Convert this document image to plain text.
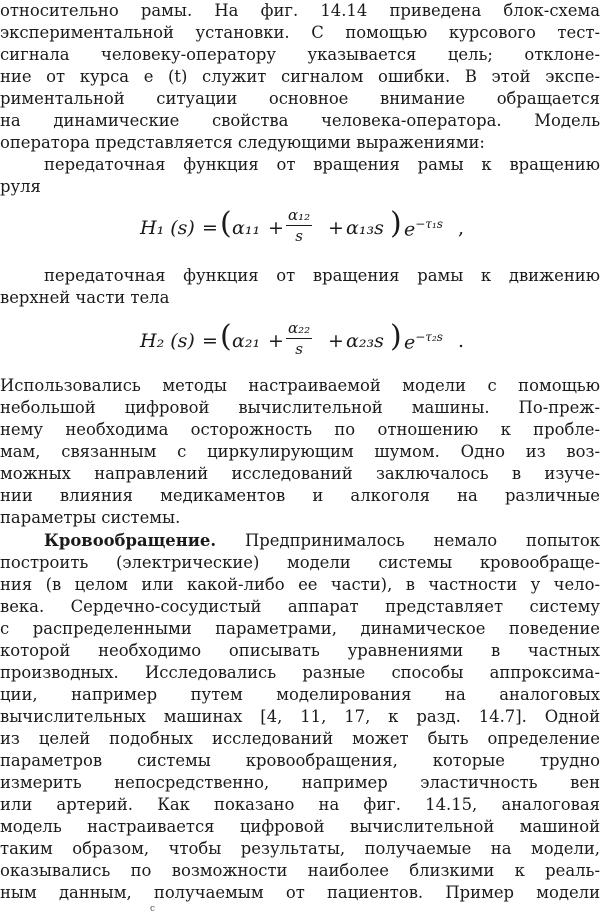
относительно рамы. На фиг. 14.14 приведена блок-схема
экспериментальной установки. С помощью курсового тест-
сигнала человеку-оператору указывается цель; отклоне-
ние от курса e (t) служит сигналом ошибки. В этой экспе-
риментальной ситуации основное внимание обращается
на динамические свойства человека-оператора. Модель
оператора представляется следующими выражениями:
передаточная функция от вращения рамы к вращению
руля
H₁ (s) = ( $\alpha_{11} + \frac{\text{α₁₂}}{s} + \alpha_{13}s$ ) $e^{-\tau_1s}$ ,
передаточная функция от вращения рамы к движению
верхней части тела
H₂ (s) = ( $\alpha_{21} + \frac{\text{α₂₂}}{s} + \alpha_{23}s$ ) $e^{-\tau_2s}$ .
Использовались методы настраиваемой модели с помощью
небольшой цифровой вычислительной машины. По-преж-
нему необходима осторожность по отношению к пробле-
мам, связанным с циркулирующим шумом. Одно из воз-
можных направлений исследований заключалось в изуче-
нии влияния медикаментов и алкоголя на различные
параметры системы.
Кровообращение. Предпринималось немало попыток
построить (электрические) модели системы кровообраще-
ния (в целом или какой-либо ее части), в частности у чело-
века. Сердечно-сосудистый аппарат представляет систему
с распределенными параметрами, динамическое поведение
которой необходимо описывать уравнениями в частных
производных. Исследовались разные способы аппроксима-
ции, например путем моделирования на аналоговых
вычислительных машинах [4, 11, 17, к разд. 14.7]. Одной
из целей подобных исследований может быть определение
параметров системы кровообращения, которые трудно
измерить непосредственно, например эластичность вен
или артерий. Как показано на фиг. 14.15, аналоговая
модель настраивается цифровой вычислительной машиной
таким образом, чтобы результаты, получаемые на модели,
оказывались по возможности наиболее близкими к реаль-
ным данным, получаемым от пациентов. Пример модели
c
